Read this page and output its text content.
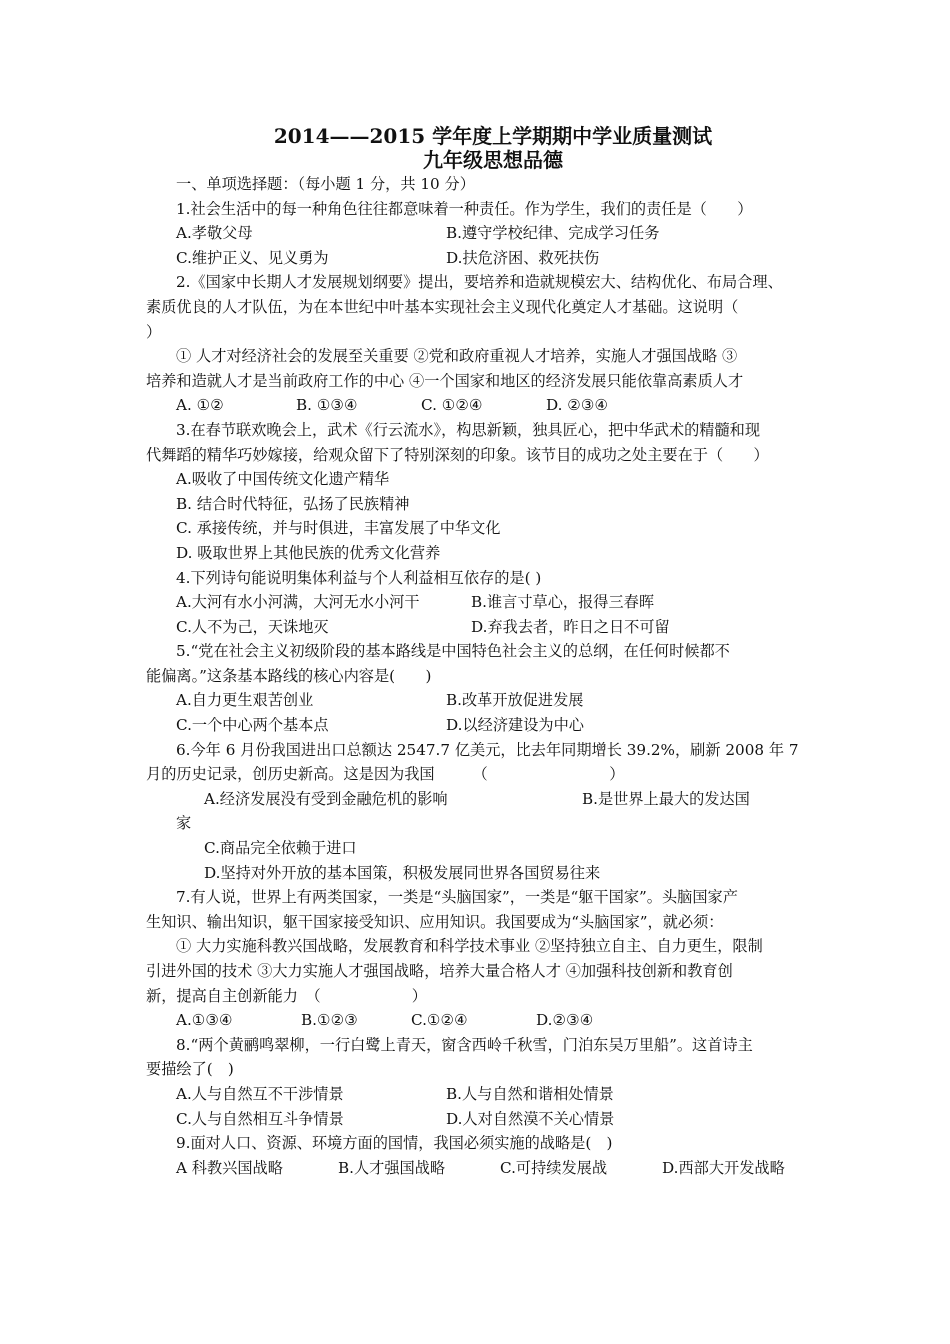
2014——2015 学年度上学期期中学业质量测试
九年级思想品德
一、单项选择题：（每小题 1 分，共 10 分）
1.社会生活中的每一种角色往往都意味着一种责任。作为学生，我们的责任是（　　）
A.孝敬父母	B.遵守学校纪律、完成学习任务
C.维护正义、见义勇为	D.扶危济困、救死扶伤
2.《国家中长期人才发展规划纲要》提出，要培养和造就规模宏大、结构优化、布局合理、
素质优良的人才队伍，为在本世纪中叶基本实现社会主义现代化奠定人才基础。这说明（
）
① 人才对经济社会的发展至关重要 ②党和政府重视人才培养，实施人才强国战略 ③
培养和造就人才是当前政府工作的中心 ④一个国家和地区的经济发展只能依靠高素质人才
A. ①②	B. ①③④	C. ①②④	D. ②③④
3.在春节联欢晚会上，武术《行云流水》，构思新颖，独具匠心，把中华武术的精髓和现
代舞蹈的精华巧妙嫁接，给观众留下了特别深刻的印象。该节目的成功之处主要在于（　　）
A.吸收了中国传统文化遗产精华
B. 结合时代特征，弘扬了民族精神
C. 承接传统，并与时俱进，丰富发展了中华文化
D. 吸取世界上其他民族的优秀文化营养
4.下列诗句能说明集体利益与个人利益相互依存的是( )
A.大河有水小河满，大河无水小河干	B.谁言寸草心，报得三春晖
C.人不为己，天诛地灭	D.弃我去者，昨日之日不可留
5.“党在社会主义初级阶段的基本路线是中国特色社会主义的总纲，在任何时候都不
能偏离。”这条基本路线的核心内容是(　　)
A.自力更生艰苦创业	B.改革开放促进发展
C.一个中心两个基本点	D.以经济建设为中心
6.今年 6 月份我国进出口总额达 2547.7 亿美元，比去年同期增长 39.2%，刷新 2008 年 7
月的历史记录，创历史新高。这是因为我国　　　（　　　　　　　　）
A.经济发展没有受到金融危机的影响	B.是世界上最大的发达国
家
C.商品完全依赖于进口
D.坚持对外开放的基本国策，积极发展同世界各国贸易往来
7.有人说，世界上有两类国家，一类是“头脑国家”，一类是“躯干国家”。头脑国家产
生知识、输出知识，躯干国家接受知识、应用知识。我国要成为“头脑国家”，就必须：
① 大力实施科教兴国战略，发展教育和科学技术事业 ②坚持独立自主、自力更生，限制
引进外国的技术 ③大力实施人才强国战略，培养大量合格人才 ④加强科技创新和教育创
新，提高自主创新能力　（　　　　　　）
A.①③④	B.①②③	C.①②④	D.②③④
8.“两个黄鹂鸣翠柳，一行白鹭上青天，窗含西岭千秋雪，门泊东吴万里船”。这首诗主
要描绘了(　)
A.人与自然互不干涉情景	B.人与自然和谐相处情景
C.人与自然相互斗争情景	D.人对自然漠不关心情景
9.面对人口、资源、环境方面的国情，我国必须实施的战略是(　)
A 科教兴国战略	B.人才强国战略	C.可持续发展战	D.西部大开发战略
